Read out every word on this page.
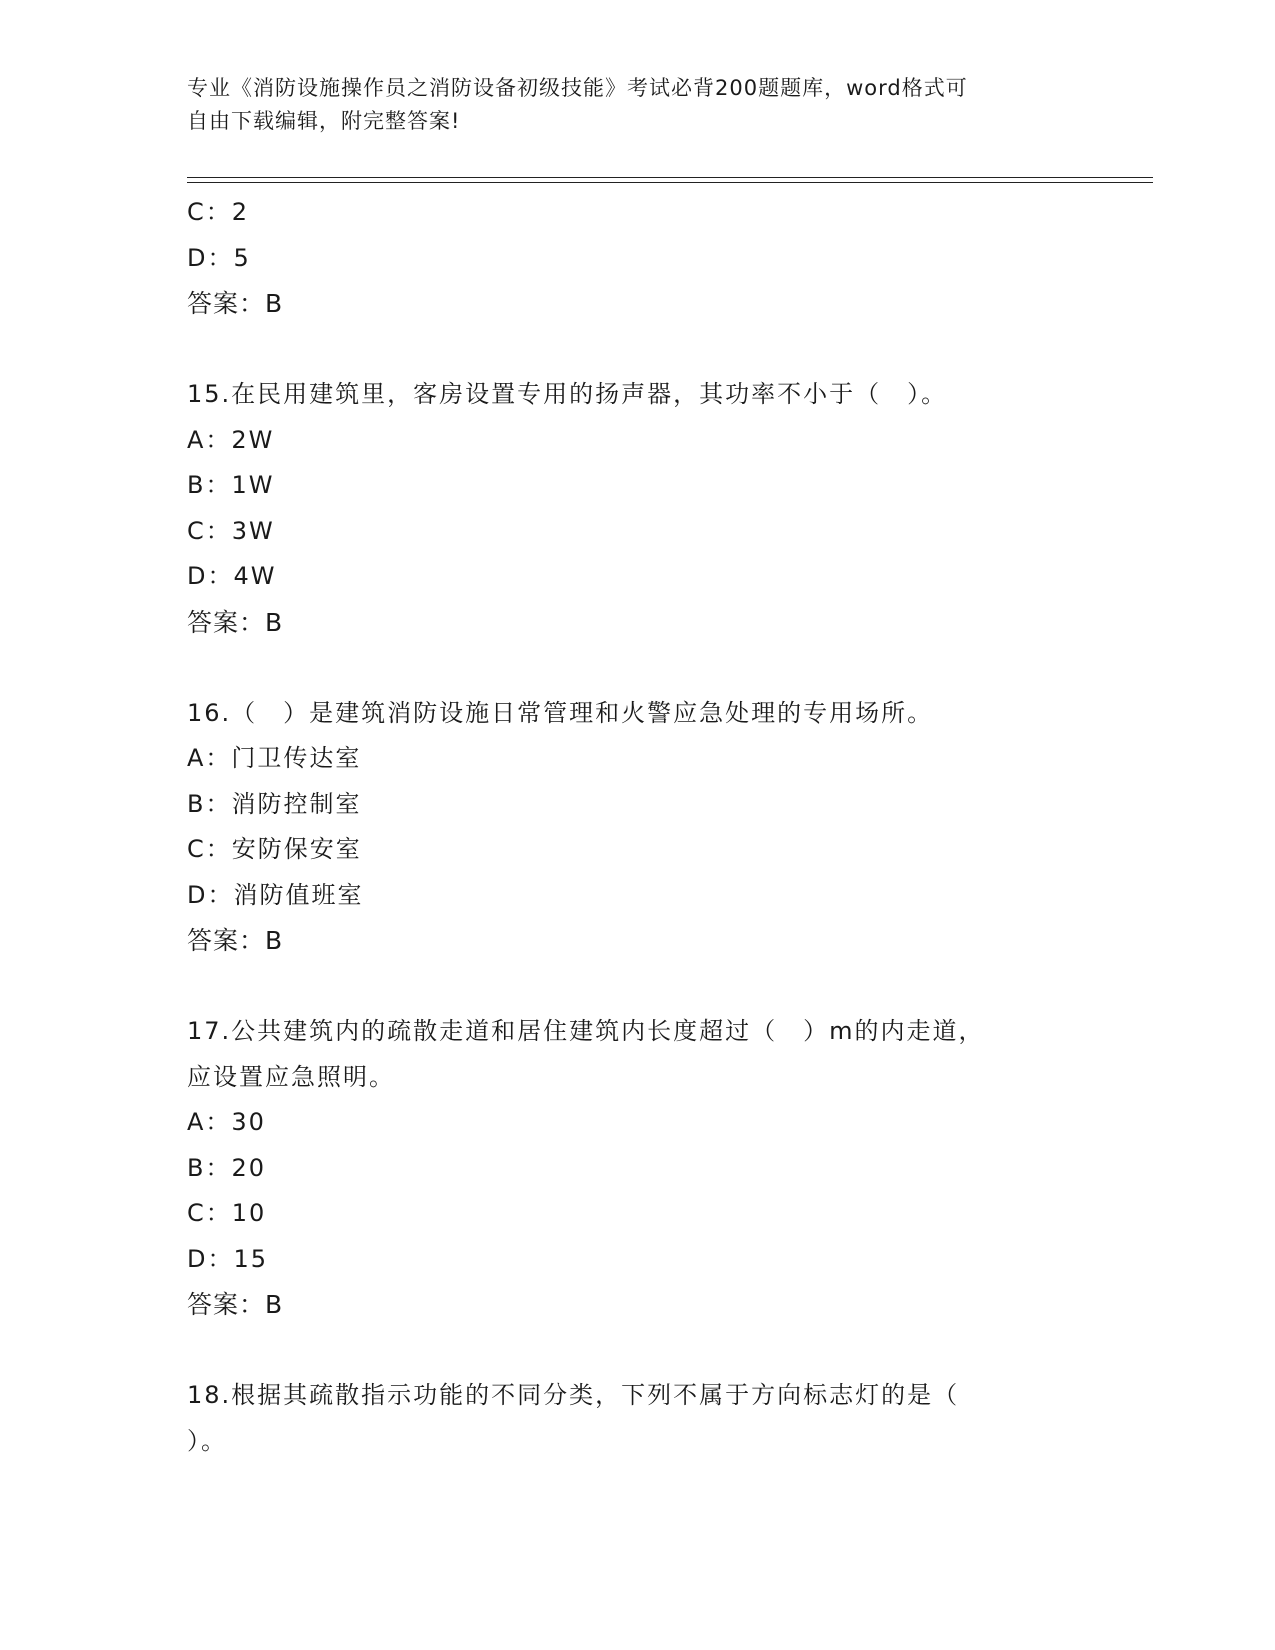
专业《消防设施操作员之消防设备初级技能》考试必背200题题库，word格式可
自由下载编辑，附完整答案!
C：2
D：5
答案：B
15.在民用建筑里，客房设置专用的扬声器，其功率不小于（　）。
A：2W
B：1W
C：3W
D：4W
答案：B
16.（　）是建筑消防设施日常管理和火警应急处理的专用场所。
A：门卫传达室
B：消防控制室
C：安防保安室
D：消防值班室
答案：B
17.公共建筑内的疏散走道和居住建筑内长度超过（　）m的内走道，
应设置应急照明。
A：30
B：20
C：10
D：15
答案：B
18.根据其疏散指示功能的不同分类，下列不属于方向标志灯的是（
）。
